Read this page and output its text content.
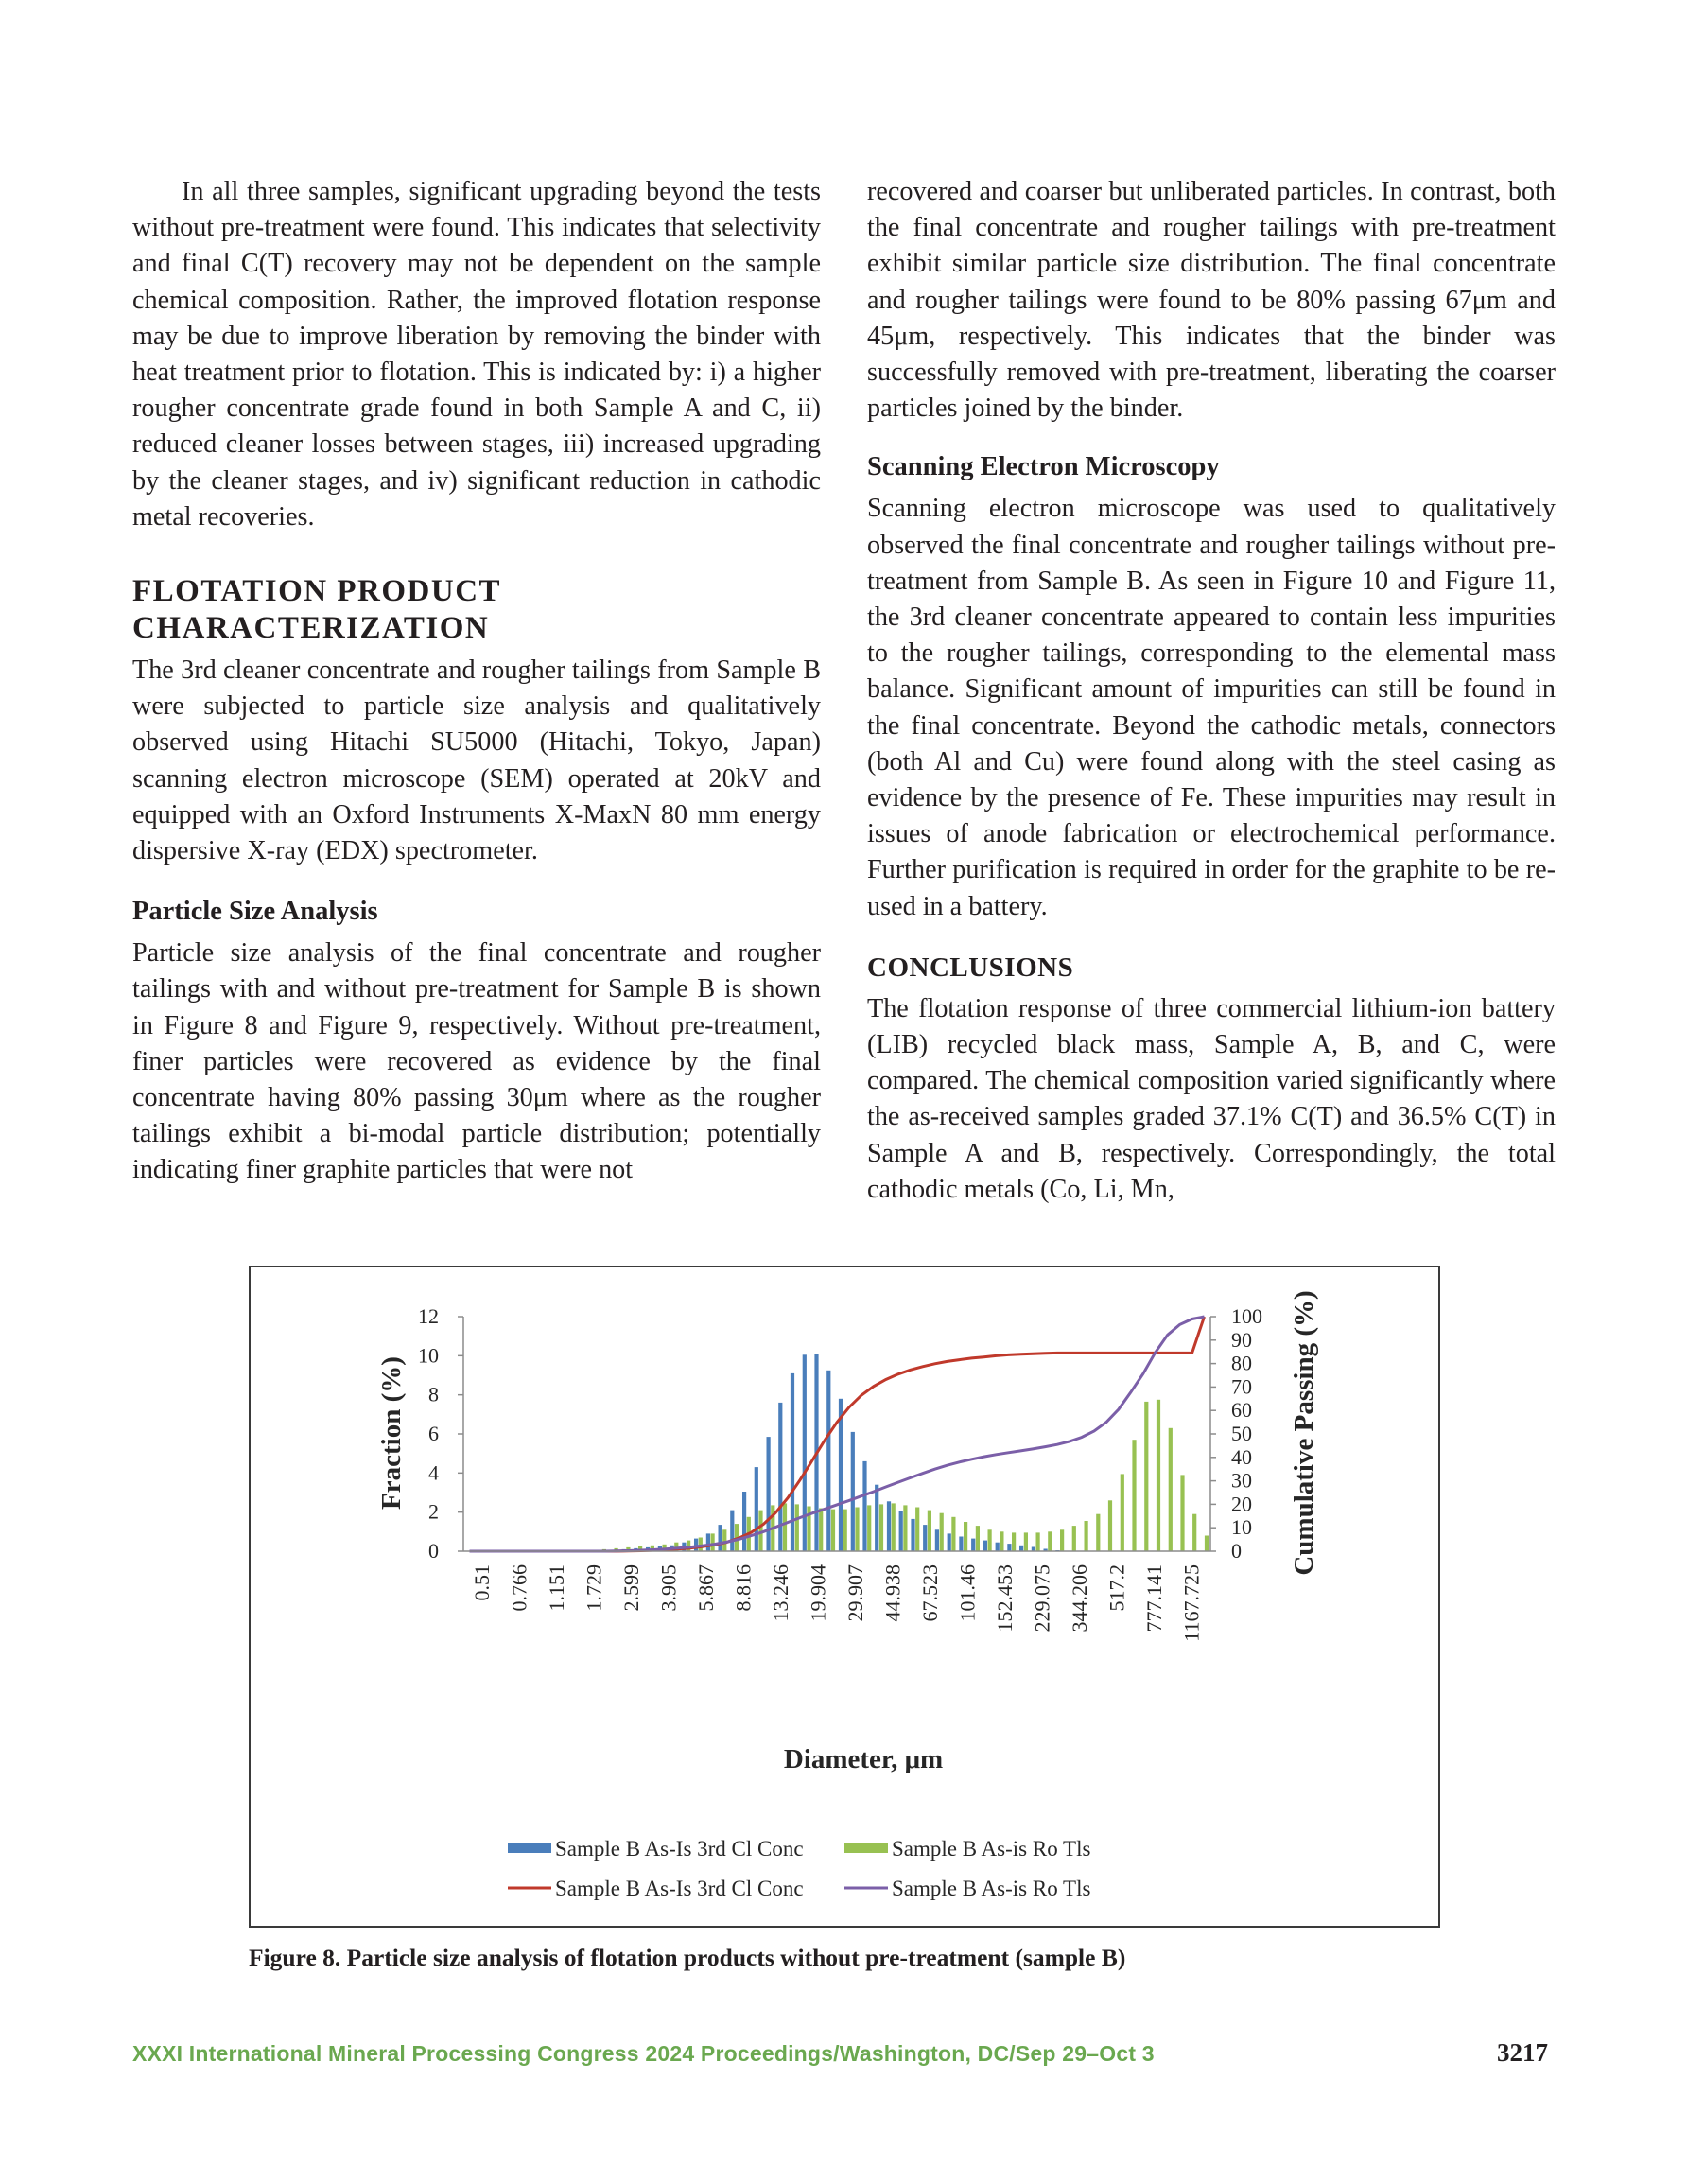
In all three samples, significant upgrading beyond the tests without pre-treatment were found. This indicates that selectivity and final C(T) recovery may not be dependent on the sample chemical composition. Rather, the improved flotation response may be due to improve liberation by removing the binder with heat treatment prior to flotation. This is indicated by: i) a higher rougher concentrate grade found in both Sample A and C, ii) reduced cleaner losses between stages, iii) increased upgrading by the cleaner stages, and iv) significant reduction in cathodic metal recoveries.

FLOTATION PRODUCT
CHARACTERIZATION

The 3rd cleaner concentrate and rougher tailings from Sample B were subjected to particle size analysis and qualitatively observed using Hitachi SU5000 (Hitachi, Tokyo, Japan) scanning electron microscope (SEM) operated at 20kV and equipped with an Oxford Instruments X-MaxN 80 mm energy dispersive X-ray (EDX) spectrometer.

Particle Size Analysis

Particle size analysis of the final concentrate and rougher tailings with and without pre-treatment for Sample B is shown in Figure 8 and Figure 9, respectively. Without pre-treatment, finer particles were recovered as evidence by the final concentrate having 80% passing 30μm where as the rougher tailings exhibit a bi-modal particle distribution; potentially indicating finer graphite particles that were not

recovered and coarser but unliberated particles. In contrast, both the final concentrate and rougher tailings with pre-treatment exhibit similar particle size distribution. The final concentrate and rougher tailings were found to be 80% passing 67μm and 45μm, respectively. This indicates that the binder was successfully removed with pre-treatment, liberating the coarser particles joined by the binder.

Scanning Electron Microscopy

Scanning electron microscope was used to qualitatively observed the final concentrate and rougher tailings without pre-treatment from Sample B. As seen in Figure 10 and Figure 11, the 3rd cleaner concentrate appeared to contain less impurities to the rougher tailings, corresponding to the elemental mass balance. Significant amount of impurities can still be found in the final concentrate. Beyond the cathodic metals, connectors (both Al and Cu) were found along with the steel casing as evidence by the presence of Fe. These impurities may result in issues of anode fabrication or electrochemical performance. Further purification is required in order for the graphite to be re-used in a battery.

CONCLUSIONS

The flotation response of three commercial lithium-ion battery (LIB) recycled black mass, Sample A, B, and C, were compared. The chemical composition varied significantly where the as-received samples graded 37.1% C(T) and 36.5% C(T) in Sample A and B, respectively. Correspondingly, the total cathodic metals (Co, Li, Mn,

0
2
4
6
8
10
12
0
10
20
30
40
50
60
70
80
90
100
0.51 0.766 1.151 1.729 2.599 3.905 5.867 8.816 13.246 19.904 29.907 44.938 67.523 101.46 152.453 229.075 344.206 517.2 777.141 1167.725
Fraction (%)	Cumulative Passing (%)
Diameter, μm
Sample B As-Is 3rd Cl Conc	Sample B As-is Ro Tls
Sample B As-Is 3rd Cl Conc	Sample B As-is Ro Tls
Figure 8. Particle size analysis of flotation products without pre-treatment (sample B)
XXXI International Mineral Processing Congress 2024 Proceedings/Washington, DC/Sep 29–Oct 3	3217
